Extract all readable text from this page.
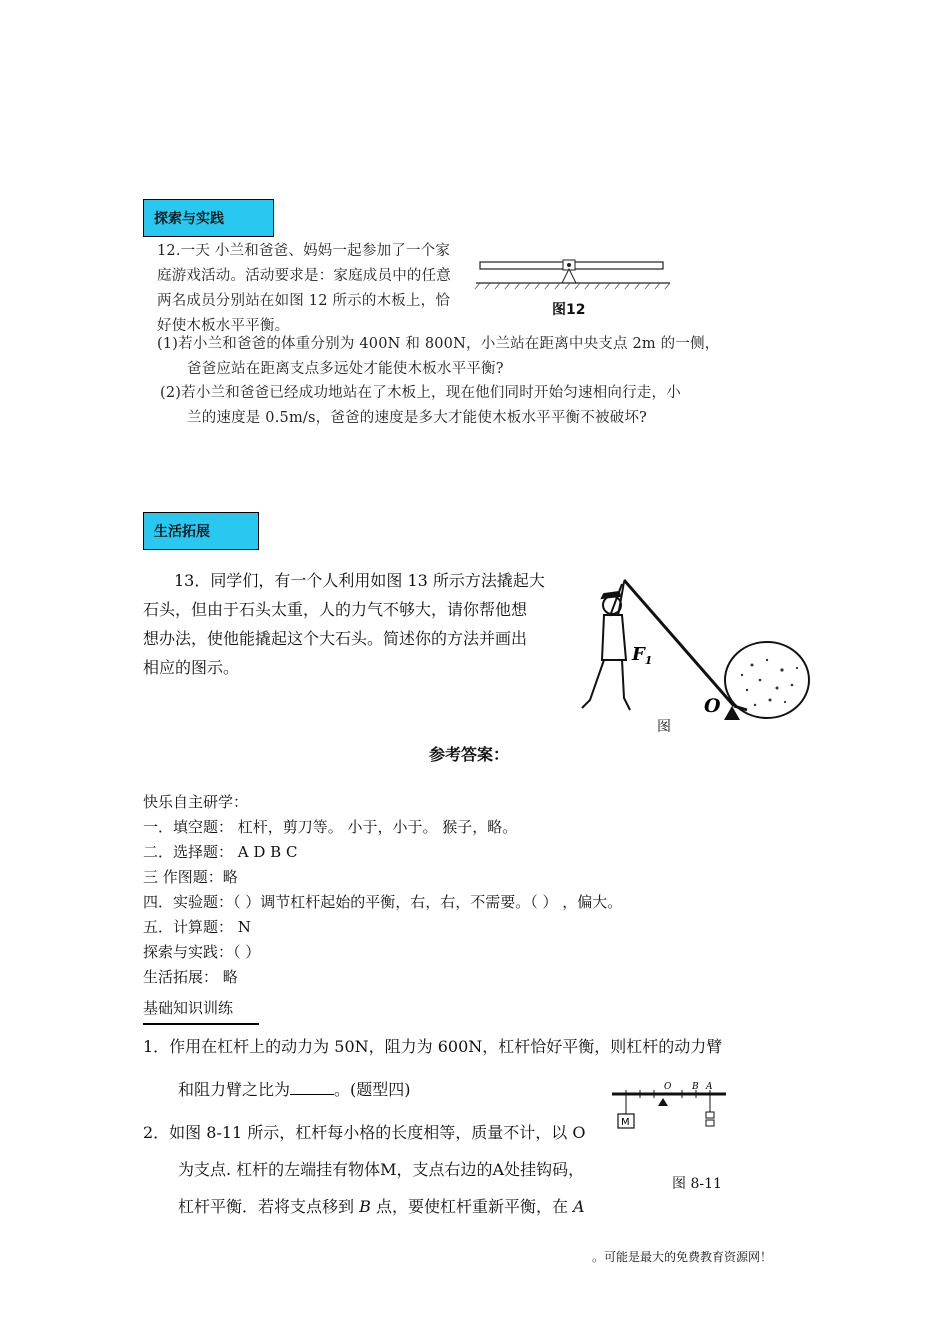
探索与实践
12.一天 小兰和爸爸、妈妈一起参加了一个家
庭游戏活动。活动要求是：家庭成员中的任意
两名成员分别站在如图 12 所示的木板上，恰
好使木板水平平衡。
图12
(1)若小兰和爸爸的体重分别为 400N 和 800N，小兰站在距离中央支点 2m 的一侧，
爸爸应站在距离支点多远处才能使木板水平平衡?
(2)若小兰和爸爸已经成功地站在了木板上，现在他们同时开始匀速相向行走，小
兰的速度是 0.5m/s，爸爸的速度是多大才能使木板水平平衡不被破坏?
生活拓展
13．同学们，有一个人利用如图 13 所示方法撬起大
石头，但由于石头太重，人的力气不够大，请你帮他想
想办法，使他能撬起这个大石头。简述你的方法并画出
相应的图示。
$F_1$
O
图
参考答案：
快乐自主研学：
一．填空题： 杠杆，剪刀等。 小于，小于。 猴子，略。
二．选择题： A D B C
三 作图题：略
四．实验题：（ ）调节杠杆起始的平衡，右，右，不需要。（ ） ，偏大。
五．计算题： N
探索与实践：（ ）
生活拓展： 略
基础知识训练
1．作用在杠杆上的动力为 50N，阻力为 600N，杠杆恰好平衡，则杠杆的动力臂
和阻力臂之比为	。(题型四)
M
O B A
图 8-11
2．如图 8-11 所示，杠杆每小格的长度相等，质量不计，以 O
为支点. 杠杆的左端挂有物体M，支点右边的A处挂钩码，
杠杆平衡．若将支点移到 B 点，要使杠杆重新平衡，在 A
。可能是最大的免费教育资源网！
